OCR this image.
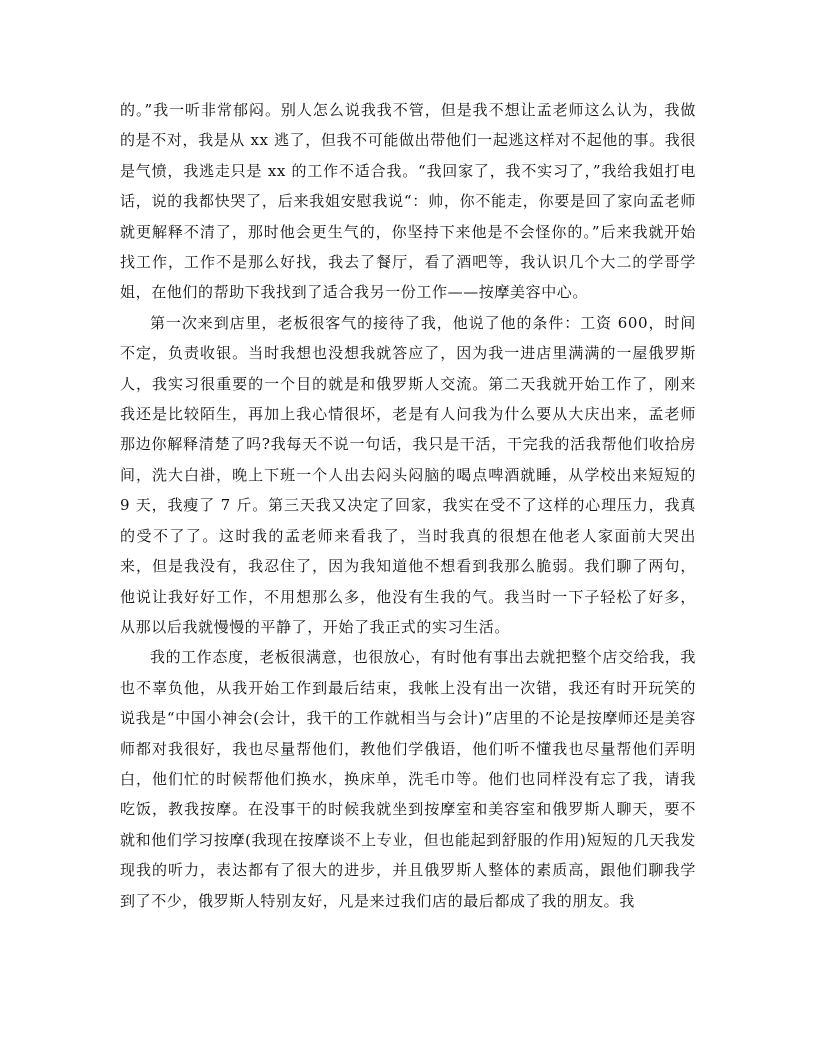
的。”我一听非常郁闷。别人怎么说我我不管，但是我不想让孟老师这么认为，我做的是不对，我是从 xx 逃了，但我不可能做出带他们一起逃这样对不起他的事。我很是气愤，我逃走只是 xx 的工作不适合我。“我回家了，我不实习了，”我给我姐打电话，说的我都快哭了，后来我姐安慰我说“：帅，你不能走，你要是回了家向孟老师就更解释不清了，那时他会更生气的，你坚持下来他是不会怪你的。”后来我就开始找工作，工作不是那么好找，我去了餐厅，看了酒吧等，我认识几个大二的学哥学姐，在他们的帮助下我找到了适合我另一份工作——按摩美容中心。

第一次来到店里，老板很客气的接待了我，他说了他的条件：工资 600，时间不定，负责收银。当时我想也没想我就答应了，因为我一进店里满满的一屋俄罗斯人，我实习很重要的一个目的就是和俄罗斯人交流。第二天我就开始工作了，刚来我还是比较陌生，再加上我心情很坏，老是有人问我为什么要从大庆出来，孟老师那边你解释清楚了吗?我每天不说一句话，我只是干活，干完我的活我帮他们收拾房间，洗大白褂，晚上下班一个人出去闷头闷脑的喝点啤酒就睡，从学校出来短短的 9 天，我瘦了 7 斤。第三天我又决定了回家，我实在受不了这样的心理压力，我真的受不了了。这时我的孟老师来看我了，当时我真的很想在他老人家面前大哭出来，但是我没有，我忍住了，因为我知道他不想看到我那么脆弱。我们聊了两句，他说让我好好工作，不用想那么多，他没有生我的气。我当时一下子轻松了好多，从那以后我就慢慢的平静了，开始了我正式的实习生活。

我的工作态度，老板很满意，也很放心，有时他有事出去就把整个店交给我，我也不辜负他，从我开始工作到最后结束，我帐上没有出一次错，我还有时开玩笑的说我是“中国小神会(会计，我干的工作就相当与会计)”店里的不论是按摩师还是美容师都对我很好，我也尽量帮他们，教他们学俄语，他们听不懂我也尽量帮他们弄明白，他们忙的时候帮他们换水，换床单，洗毛巾等。他们也同样没有忘了我，请我吃饭，教我按摩。在没事干的时候我就坐到按摩室和美容室和俄罗斯人聊天，要不就和他们学习按摩(我现在按摩谈不上专业，但也能起到舒服的作用)短短的几天我发现我的听力，表达都有了很大的进步，并且俄罗斯人整体的素质高，跟他们聊我学到了不少，俄罗斯人特别友好，凡是来过我们店的最后都成了我的朋友。我
